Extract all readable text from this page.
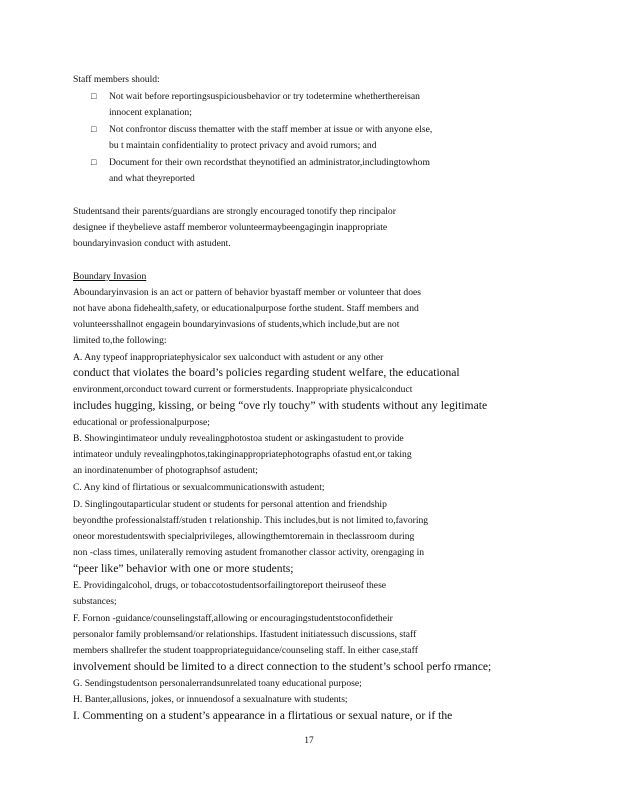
Staff members should:
□ Not wait before reportingsuspiciousbehavior or try todetermine whetherthereisan
innocent explanation;
□ Not confrontor discuss thematter with the staff member at issue or with anyone else,
bu t maintain confidentiality to protect privacy and avoid rumors; and
□ Document for their own recordsthat theynotified an administrator,includingtowhom
and what theyreported
Studentsand their parents/guardians are strongly encouraged tonotify thep rincipalor
designee if theybelieve astaff memberor volunteermaybeengagingin inappropriate
boundaryinvasion conduct with astudent.
Boundary Invasion
Aboundaryinvasion is an act or pattern of behavior byastaff member or volunteer that does
not have abona fidehealth,safety, or educationalpurpose forthe student. Staff members and
volunteersshallnot engagein boundaryinvasions of students,which include,but are not
limited to,the following:
A. Any typeof inappropriatephysicalor sex ualconduct with astudent or any other
conduct that violates the board’s policies regarding student welfare, the educational
environment,orconduct toward current or formerstudents. Inappropriate physicalconduct
includes hugging, kissing, or being “ove rly touchy” with students without any legitimate
educational or professionalpurpose;
B. Showingintimateor unduly revealingphotostoa student or askingastudent to provide
intimateor unduly revealingphotos,takinginappropriatephotographs ofastud ent,or taking
an inordinatenumber of photographsof astudent;
C. Any kind of flirtatious or sexualcommunicationswith astudent;
D. Singlingoutaparticular student or students for personal attention and friendship
beyondthe professionalstaff/studen t relationship. This includes,but is not limited to,favoring
oneor morestudentswith specialprivileges, allowingthemtoremain in theclassroom during
non -class times, unilaterally removing astudent fromanother classor activity, orengaging in
“peer like” behavior with one or more students;
E. Providingalcohol, drugs, or tobaccotostudentsorfailingtoreport theiruseof these
substances;
F. Fornon -guidance/counselingstaff,allowing or encouragingstudentstoconfidetheir
personalor family problemsand/or relationships. Ifastudent initiatessuch discussions, staff
members shallrefer the student toappropriateguidance/counseling staff. In either case,staff
involvement should be limited to a direct connection to the student’s school perfo rmance;
G. Sendingstudentson personalerrandsunrelated toany educational purpose;
H. Banter,allusions, jokes, or innuendosof a sexualnature with students;
I. Commenting on a student’s appearance in a flirtatious or sexual nature, or if the
17
